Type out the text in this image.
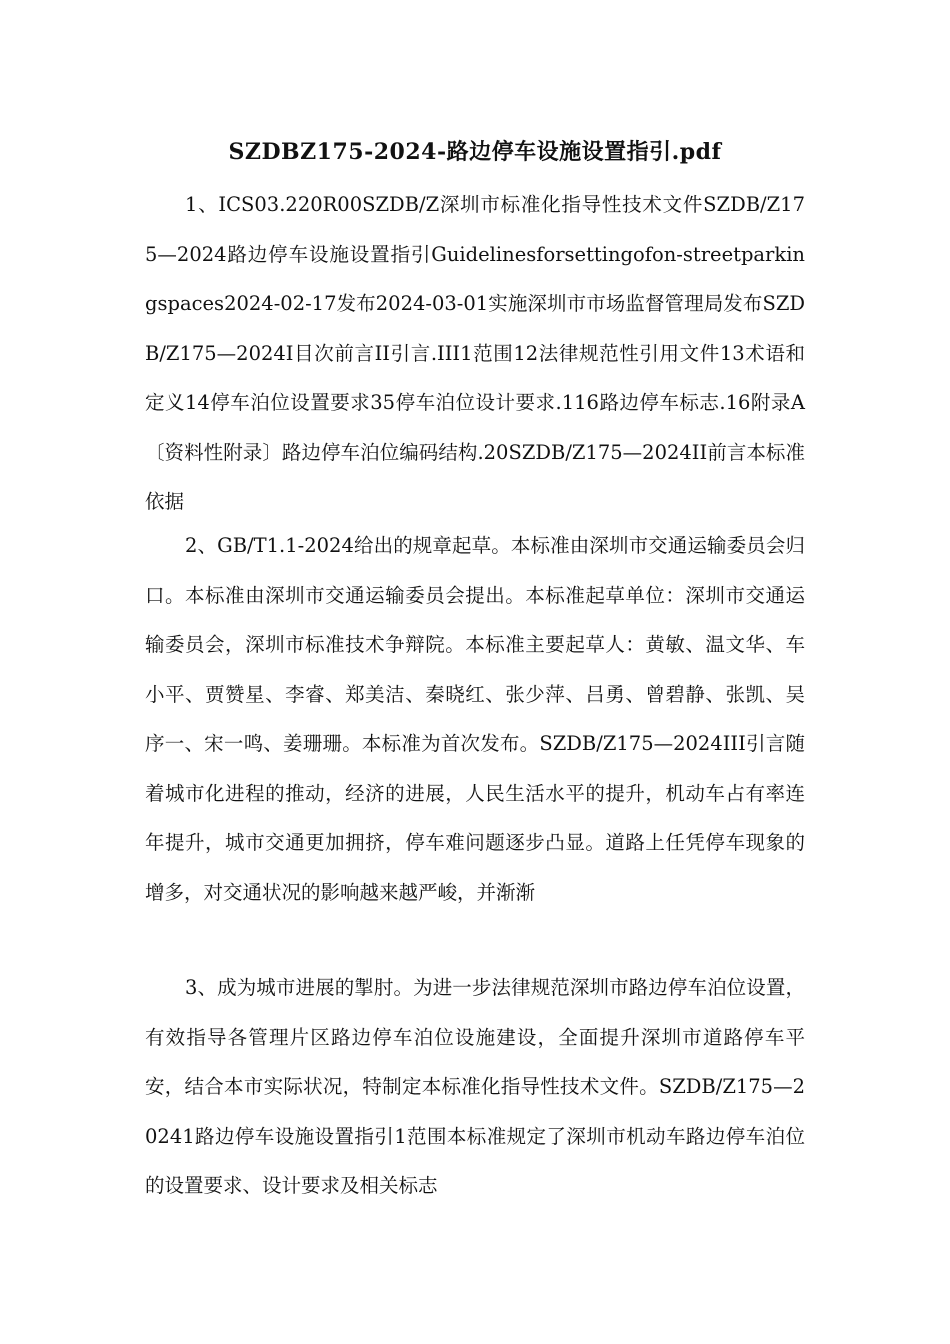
SZDBZ175-2024-路边停车设施设置指引.pdf

1、ICS03.220R00SZDB/Z深圳市标准化指导性技术文件SZDB/Z175—2024路边停车设施设置指引Guidelinesforsettingofon-streetparkingspaces2024-02-17发布2024-03-01实施深圳市市场监督管理局发布SZDB/Z175—2024I目次前言II引言.III1范围12法律规范性引用文件13术语和定义14停车泊位设置要求35停车泊位设计要求.116路边停车标志.16附录A〔资料性附录〕路边停车泊位编码结构.20SZDB/Z175—2024II前言本标准依据

2、GB/T1.1-2024给出的规章起草。本标准由深圳市交通运输委员会归口。本标准由深圳市交通运输委员会提出。本标准起草单位：深圳市交通运输委员会，深圳市标准技术争辩院。本标准主要起草人：黄敏、温文华、车小平、贾赞星、李睿、郑美洁、秦晓红、张少萍、吕勇、曾碧静、张凯、吴序一、宋一鸣、姜珊珊。本标准为首次发布。SZDB/Z175—2024III引言随着城市化进程的推动，经济的进展，人民生活水平的提升，机动车占有率连年提升，城市交通更加拥挤，停车难问题逐步凸显。道路上任凭停车现象的增多，对交通状况的影响越来越严峻，并渐渐

3、成为城市进展的掣肘。为进一步法律规范深圳市路边停车泊位设置，有效指导各管理片区路边停车泊位设施建设，全面提升深圳市道路停车平安，结合本市实际状况，特制定本标准化指导性技术文件。SZDB/Z175—20241路边停车设施设置指引1范围本标准规定了深圳市机动车路边停车泊位的设置要求、设计要求及相关标志
